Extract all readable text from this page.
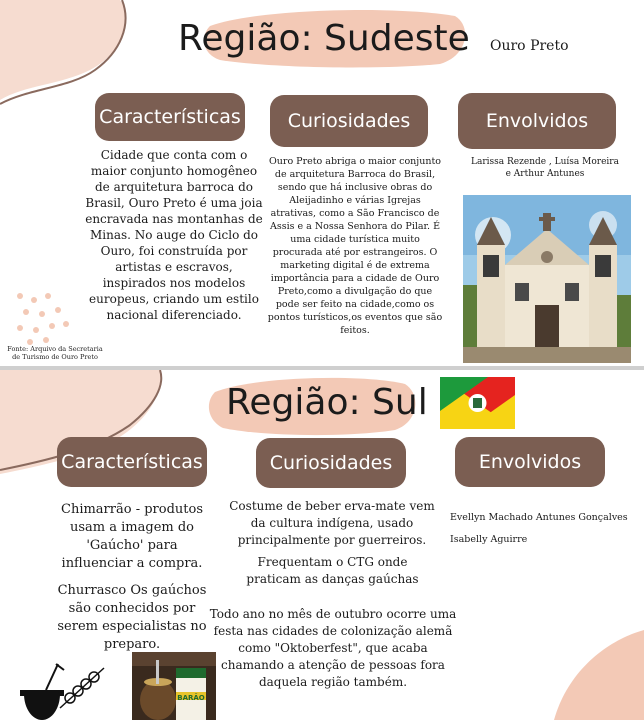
Região: Sudeste Ouro Preto
Características	Curiosidades	Envolvidos
Cidade que conta com o maior conjunto homogêneo de arquitetura barroca do Brasil, Ouro Preto é uma joia encravada nas montanhas de Minas. No auge do Ciclo do Ouro, foi construída por artistas e escravos, inspirados nos modelos europeus, criando um estilo nacional diferenciado.
Ouro Preto abriga o maior conjunto de arquitetura Barroca do Brasil, sendo que há inclusive obras do Aleijadinho e várias Igrejas atrativas, como a São Francisco de Assis e a Nossa Senhora do Pilar. É uma cidade turística muito procurada até por estrangeiros. O marketing digital é de extrema importância para a cidade de Ouro Preto,como a divulgação do que pode ser feito na cidade,como os pontos turísticos,os eventos que são feitos.
Larissa Rezende , Luísa Moreira e Arthur Antunes
Fonte: Arquivo da Secretaria de Turismo de Ouro Preto
Região: Sul
Características	Curiosidades	Envolvidos
Chimarrão - produtos usam a imagem do 'Gaúcho' para influenciar a compra.
Churrasco Os gaúchos são conhecidos por serem especialistas no preparo.
Costume de beber erva-mate vem da cultura indígena, usado principalmente por guerreiros.
Frequentam o CTG onde praticam as danças gaúchas
Todo ano no mês de outubro ocorre uma festa nas cidades de colonização alemã como "Oktoberfest", que acaba chamando a atenção de pessoas fora daquela região também.
Evellyn Machado Antunes Gonçalves
Isabelly Aguirre
BARÃO
